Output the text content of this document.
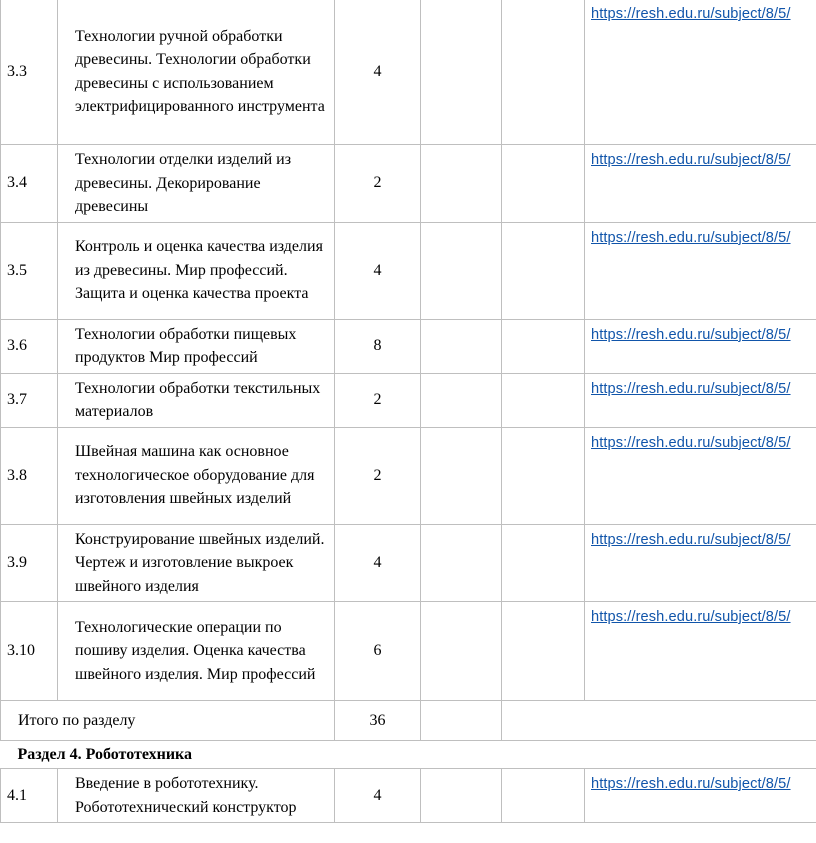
3.3	Технологии ручной обработки древесины. Технологии обработки древесины с использованием электрифицированного инструмента	4			https://resh.edu.ru/subject/8/5/
3.4	Технологии отделки изделий из древесины. Декорирование древесины	2			https://resh.edu.ru/subject/8/5/
3.5	Контроль и оценка качества изделия из древесины. Мир профессий. Защита и оценка качества проекта	4			https://resh.edu.ru/subject/8/5/
3.6	Технологии обработки пищевых продуктов Мир профессий	8			https://resh.edu.ru/subject/8/5/
3.7	Технологии обработки текстильных материалов	2			https://resh.edu.ru/subject/8/5/
3.8	Швейная машина как основное технологическое оборудование для изготовления швейных изделий	2			https://resh.edu.ru/subject/8/5/
3.9	Конструирование швейных изделий. Чертеж и изготовление выкроек швейного изделия	4			https://resh.edu.ru/subject/8/5/
3.10	Технологические операции по пошиву изделия. Оценка качества швейного изделия. Мир профессий	6			https://resh.edu.ru/subject/8/5/
Итого по разделу		36			
Раздел 4. Робототехника					
4.1	Введение в робототехнику. Робототехнический конструктор	4			https://resh.edu.ru/subject/8/5/
